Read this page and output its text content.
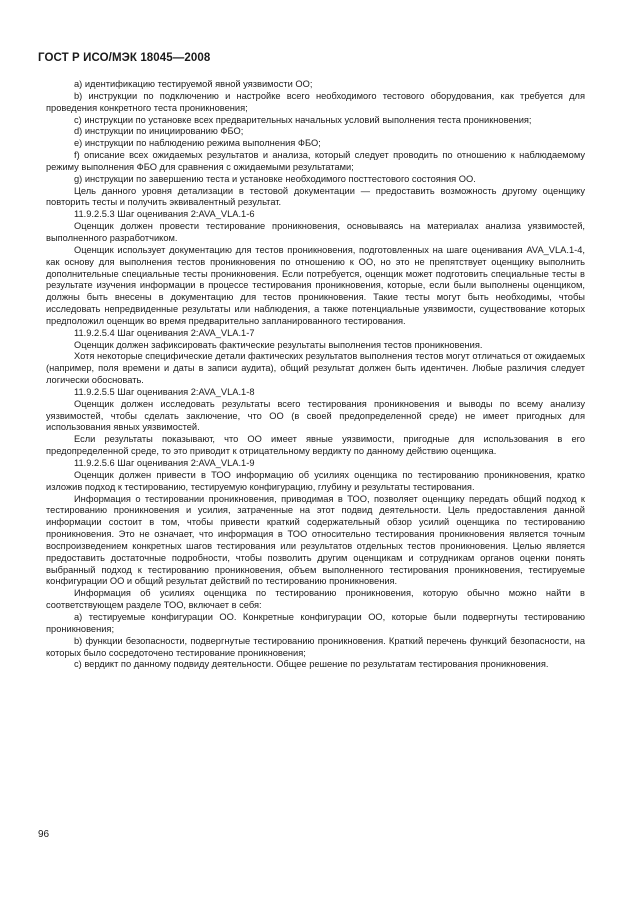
ГОСТ Р ИСО/МЭК 18045—2008

а) идентификацию тестируемой явной уязвимости ОО;

b) инструкции по подключению и настройке всего необходимого тестового оборудования, как требуется для проведения конкретного теста проникновения;

с) инструкции по установке всех предварительных начальных условий выполнения теста проникновения;

d) инструкции по инициированию ФБО;

е) инструкции по наблюдению режима выполнения ФБО;

f) описание всех ожидаемых результатов и анализа, который следует проводить по отношению к наблюдаемому режиму выполнения ФБО для сравнения с ожидаемыми результатами;

g) инструкции по завершению теста и установке необходимого посттестового состояния ОО.

Цель данного уровня детализации в тестовой документации — предоставить возможность другому оценщику повторить тесты и получить эквивалентный результат.

11.9.2.5.3 Шаг оценивания 2:AVA_VLA.1-6

Оценщик должен провести тестирование проникновения, основываясь на материалах анализа уязвимостей, выполненного разработчиком.

Оценщик использует документацию для тестов проникновения, подготовленных на шаге оценивания AVA_VLA.1-4, как основу для выполнения тестов проникновения по отношению к ОО, но это не препятствует оценщику выполнить дополнительные специальные тесты проникновения. Если потребуется, оценщик может подготовить специальные тесты в результате изучения информации в процессе тестирования проникновения, которые, если были выполнены оценщиком, должны быть внесены в документацию для тестов проникновения. Такие тесты могут быть необходимы, чтобы исследовать непредвиденные результаты или наблюдения, а также потенциальные уязвимости, существование которых предположил оценщик во время предварительно запланированного тестирования.

11.9.2.5.4 Шаг оценивания 2:AVA_VLA.1-7

Оценщик должен зафиксировать фактические результаты выполнения тестов проникновения.

Хотя некоторые специфические детали фактических результатов выполнения тестов могут отличаться от ожидаемых (например, поля времени и даты в записи аудита), общий результат должен быть идентичен. Любые различия следует логически обосновать.

11.9.2.5.5 Шаг оценивания 2:AVA_VLA.1-8

Оценщик должен исследовать результаты всего тестирования проникновения и выводы по всему анализу уязвимостей, чтобы сделать заключение, что ОО (в своей предопределенной среде) не имеет пригодных для использования явных уязвимостей.

Если результаты показывают, что ОО имеет явные уязвимости, пригодные для использования в его предопределенной среде, то это приводит к отрицательному вердикту по данному действию оценщика.

11.9.2.5.6 Шаг оценивания 2:AVA_VLA.1-9

Оценщик должен привести в ТОО информацию об усилиях оценщика по тестированию проникновения, кратко изложив подход к тестированию, тестируемую конфигурацию, глубину и результаты тестирования.

Информация о тестировании проникновения, приводимая в ТОО, позволяет оценщику передать общий подход к тестированию проникновения и усилия, затраченные на этот подвид деятельности. Цель предоставления данной информации состоит в том, чтобы привести краткий содержательный обзор усилий оценщика по тестированию проникновения. Это не означает, что информация в ТОО относительно тестирования проникновения является точным воспроизведением конкретных шагов тестирования или результатов отдельных тестов проникновения. Целью является предоставить достаточные подробности, чтобы позволить другим оценщикам и сотрудникам органов оценки понять выбранный подход к тестированию проникновения, объем выполненного тестирования проникновения, тестируемые конфигурации ОО и общий результат действий по тестированию проникновения.

Информация об усилиях оценщика по тестированию проникновения, которую обычно можно найти в соответствующем разделе ТОО, включает в себя:

а) тестируемые конфигурации ОО. Конкретные конфигурации ОО, которые были подвергнуты тестированию проникновения;

b) функции безопасности, подвергнутые тестированию проникновения. Краткий перечень функций безопасности, на которых было сосредоточено тестирование проникновения;

с) вердикт по данному подвиду деятельности. Общее решение по результатам тестирования проникновения.

96
